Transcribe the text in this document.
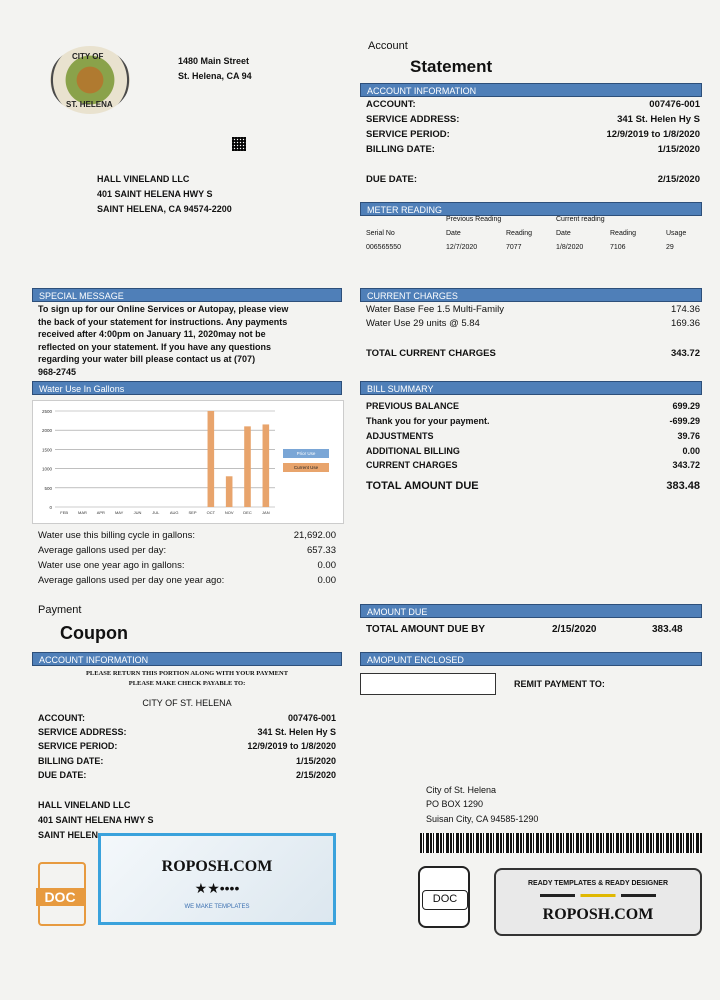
CITY OF
ST. HELENA
1480 Main Street
St. Helena, CA 94
Account
Statement
HALL VINELAND LLC
401 SAINT HELENA HWY S
SAINT HELENA, CA 94574-2200
ACCOUNT INFORMATION
ACCOUNT:	007476-001
SERVICE ADDRESS:	341 St. Helen Hy S
SERVICE PERIOD:	12/9/2019 to 1/8/2020
BILLING DATE:	1/15/2020
DUE DATE:	2/15/2020
METER READING
Previous Reading	Current reading
Serial No	Date	Reading	Date	Reading	Usage
006565550	12/7/2020	7077	1/8/2020	7106	29
SPECIAL MESSAGE
To sign up for our Online Services or Autopay, please view
the back of your statement for instructions. Any payments
received after 4:00pm on January 11, 2020may not be
reflected on your statement. If you have any questions
regarding your water bill please contact us at (707)
968-2745
CURRENT CHARGES
Water Base Fee 1.5 Multi-Family	174.36
Water Use 29 units @ 5.84	169.36
TOTAL CURRENT CHARGES	343.72
Water Use In Gallons
2500
2000
1500
1000
500
0
FEB MAR APR	MAY	JUN	JUL	AUG SEP	OCT NOV DEC	JAN
Prior Use
Current Use
Water use this billing cycle in gallons:	21,692.00
Average gallons used per day:	657.33
Water use one year ago in gallons:	0.00
Average gallons used per day one year ago:	0.00
BILL SUMMARY
PREVIOUS BALANCE	699.29
Thank you for your payment.	-699.29
ADJUSTMENTS	39.76
ADDITIONAL BILLING	0.00
CURRENT CHARGES	343.72
TOTAL AMOUNT DUE	383.48
Payment
Coupon
AMOUNT DUE
TOTAL AMOUNT DUE BY	2/15/2020	383.48
ACCOUNT INFORMATION	AMOPUNT ENCLOSED
REMIT PAYMENT TO:
PLEASE RETURN THIS PORTION ALONG WITH YOUR PAYMENT
PLEASE MAKE CHECK PAYABLE TO:
CITY OF ST. HELENA
ACCOUNT:	007476-001
SERVICE ADDRESS:	341 St. Helen Hy S
SERVICE PERIOD:	12/9/2019 to 1/8/2020
BILLING DATE:	1/15/2020
DUE DATE:	2/15/2020
HALL VINELAND LLC
401 SAINT HELENA HWY S
SAINT HELEN
City of St. Helena
PO BOX 1290
Suisan City, CA 94585-1290
DOC
ROPOSH.COM
★★••••
WE MAKE TEMPLATES
DOC
READY TEMPLATES & READY DESIGNER
ROPOSH.COM
